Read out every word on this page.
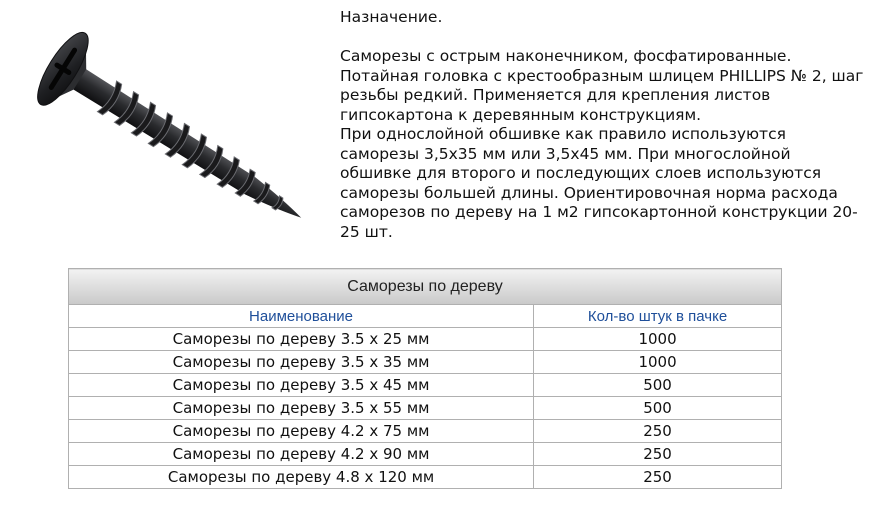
Назначение.

Саморезы с острым наконечником, фосфатированные. Потайная головка с крестообразным шлицем PHILLIPS № 2, шаг резьбы редкий. Применяется для крепления листов гипсокартона к деревянным конструкциям.

При однослойной обшивке как правило используются саморезы 3,5х35 мм или 3,5х45 мм. При многослойной обшивке для второго и последующих слоев используются саморезы большей длины. Ориентировочная норма расхода саморезов по дереву на 1 м2 гипсокартонной конструкции 20-25 шт.

Саморезы по дереву	
Наименование	Кол-во штук в пачке
Саморезы по дереву 3.5 х 25 мм	1000
Саморезы по дереву 3.5 х 35 мм	1000
Саморезы по дереву 3.5 х 45 мм	500
Саморезы по дереву 3.5 х 55 мм	500
Саморезы по дереву 4.2 х 75 мм	250
Саморезы по дереву 4.2 х 90 мм	250
Саморезы по дереву 4.8 х 120 мм	250
